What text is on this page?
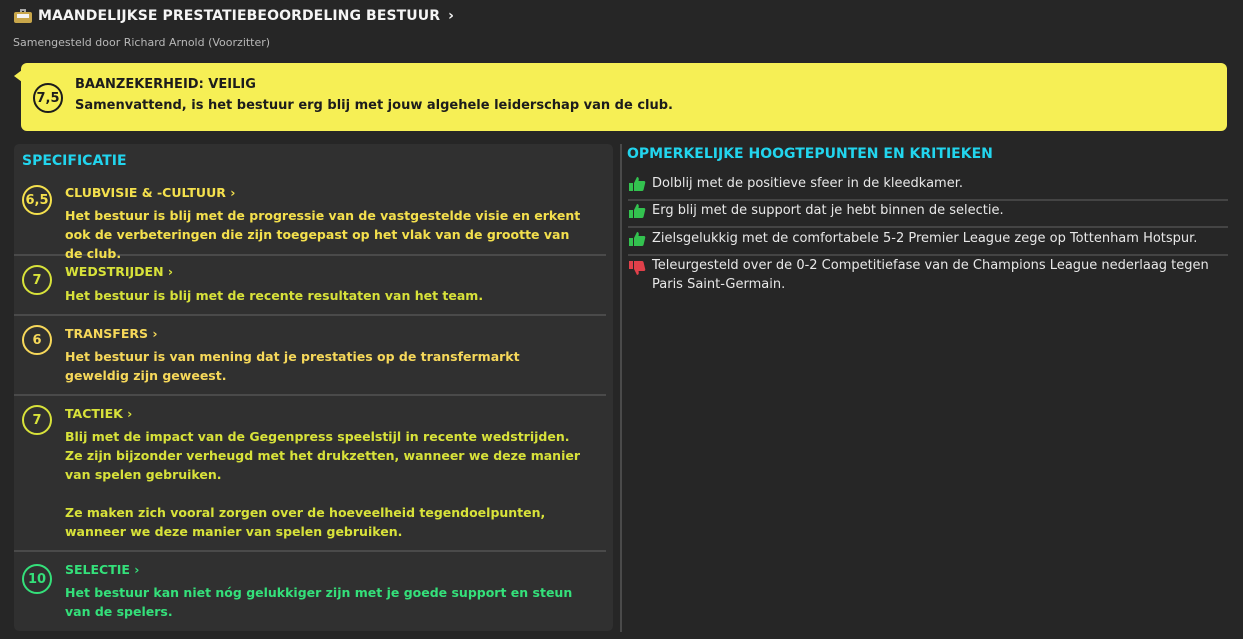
MAANDELIJKSE PRESTATIEBEOORDELING BESTUUR ›
Samengesteld door Richard Arnold (Voorzitter)
7,5
BAANZEKERHEID: VEILIG
Samenvattend, is het bestuur erg blij met jouw algehele leiderschap van de club.
SPECIFICATIE
6,5 CLUBVISIE & -CULTUUR ›
Het bestuur is blij met de progressie van de vastgestelde visie en erkent ook de verbeteringen die zijn toegepast op het vlak van de grootte van de club.
7
WEDSTRIJDEN ›
Het bestuur is blij met de recente resultaten van het team.
6	TRANSFERS ›
Het bestuur is van mening dat je prestaties op de transfermarkt geweldig zijn geweest.
7	TACTIEK ›
Blij met de impact van de Gegenpress speelstijl in recente wedstrijden. Ze zijn bijzonder verheugd met het drukzetten, wanneer we deze manier van spelen gebruiken.
Ze maken zich vooral zorgen over de hoeveelheid tegendoelpunten, wanneer we deze manier van spelen gebruiken.
10
SELECTIE ›
Het bestuur kan niet nóg gelukkiger zijn met je goede support en steun van de spelers.
OPMERKELIJKE HOOGTEPUNTEN EN KRITIEKEN
Dolblij met de positieve sfeer in de kleedkamer.
Erg blij met de support dat je hebt binnen de selectie.
Zielsgelukkig met de comfortabele 5-2 Premier League zege op Tottenham Hotspur.
Teleurgesteld over de 0-2 Competitiefase van de Champions League nederlaag tegen Paris Saint-Germain.
